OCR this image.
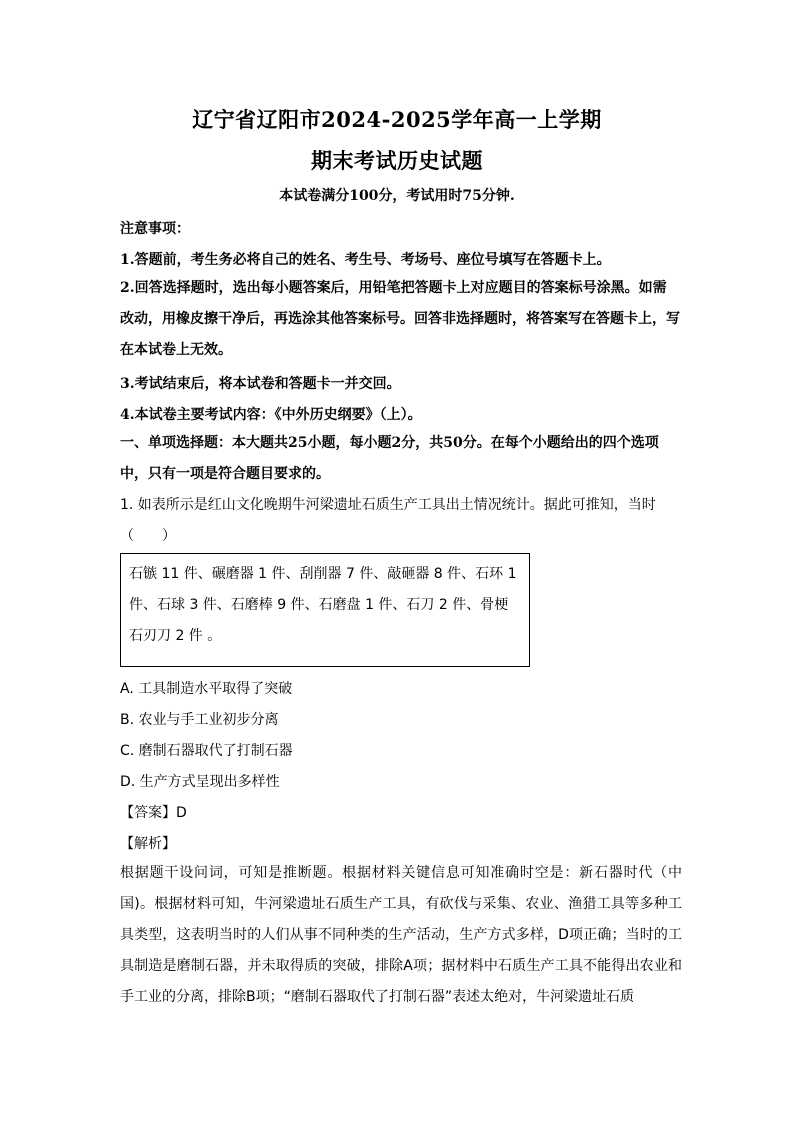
辽宁省辽阳市2024-2025学年高一上学期
期末考试历史试题
本试卷满分100分，考试用时75分钟.
注意事项：
1.答题前，考生务必将自己的姓名、考生号、考场号、座位号填写在答题卡上。
2.回答选择题时，选出每小题答案后，用铅笔把答题卡上对应题目的答案标号涂黑。如需改动，用橡皮擦干净后，再选涂其他答案标号。回答非选择题时，将答案写在答题卡上，写在本试卷上无效。
3.考试结束后，将本试卷和答题卡一并交回。
4.本试卷主要考试内容：《中外历史纲要》（上）。
一、单项选择题：本大题共25小题，每小题2分，共50分。在每个小题给出的四个选项中，只有一项是符合题目要求的。
1. 如表所示是红山文化晚期牛河梁遗址石质生产工具出土情况统计。据此可推知，当时（　　）
石镞 11 件、碾磨器 1 件、刮削器 7 件、敲砸器 8 件、石环 1 件、石球 3 件、石磨棒 9 件、石磨盘 1 件、石刀 2 件、骨梗石刃刀 2 件 。
A. 工具制造水平取得了突破
B. 农业与手工业初步分离
C. 磨制石器取代了打制石器
D. 生产方式呈现出多样性
【答案】D
【解析】
根据题干设问词，可知是推断题。根据材料关键信息可知准确时空是：新石器时代（中国)。根据材料可知，牛河梁遗址石质生产工具，有砍伐与采集、农业、渔猎工具等多种工具类型，这表明当时的人们从事不同种类的生产活动，生产方式多样，D项正确；当时的工具制造是磨制石器，并未取得质的突破，排除A项；据材料中石质生产工具不能得出农业和手工业的分离，排除B项；“磨制石器取代了打制石器”表述太绝对，牛河梁遗址石质
